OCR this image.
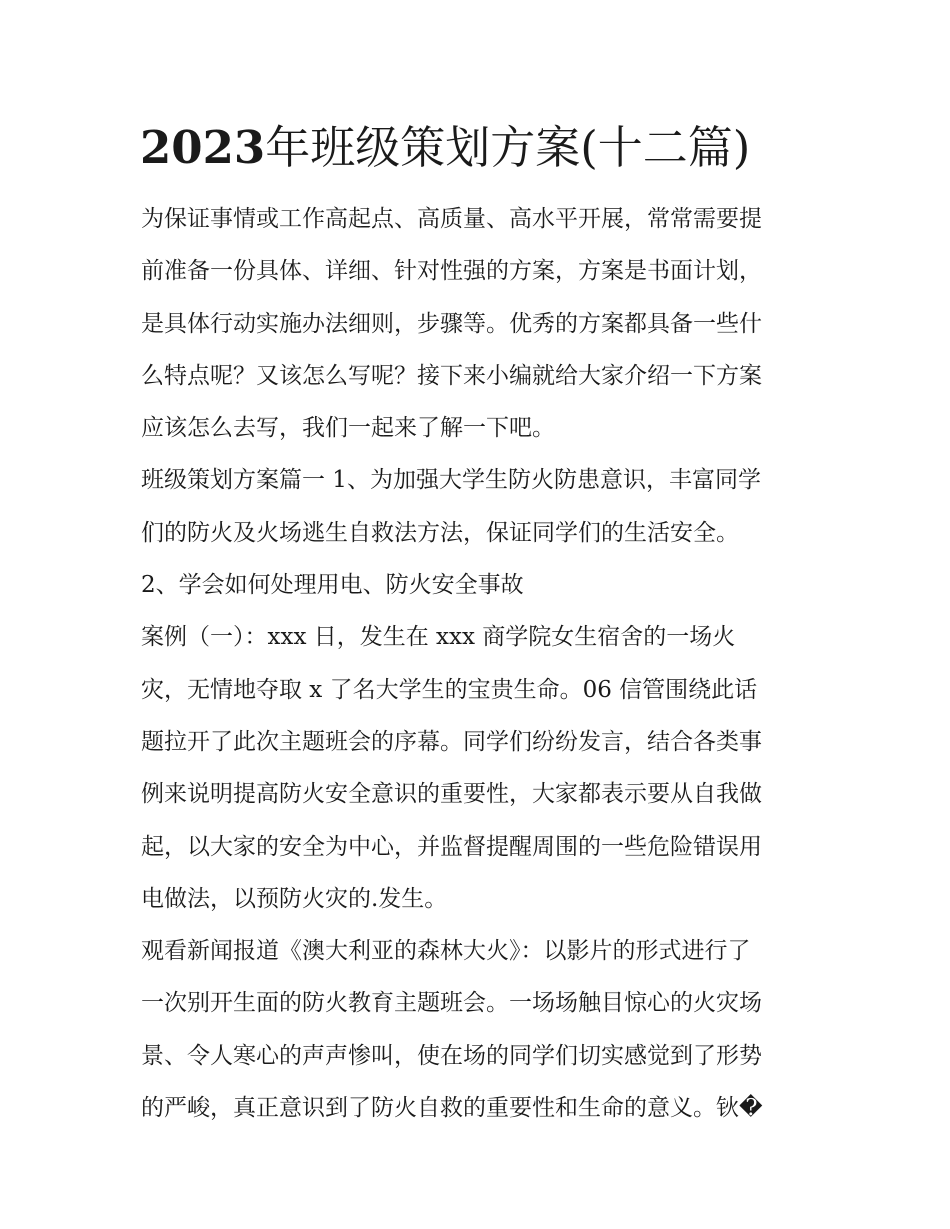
2023年班级策划方案(十二篇)

为保证事情或工作高起点、高质量、高水平开展，常常需要提

前准备一份具体、详细、针对性强的方案，方案是书面计划，

是具体行动实施办法细则，步骤等。优秀的方案都具备一些什

么特点呢？又该怎么写呢？接下来小编就给大家介绍一下方案

应该怎么去写，我们一起来了解一下吧。

班级策划方案篇一 1、为加强大学生防火防患意识，丰富同学

们的防火及火场逃生自救法方法，保证同学们的生活安全。

2、学会如何处理用电、防火安全事故

案例（一）：xxx 日，发生在 xxx 商学院女生宿舍的一场火

灾，无情地夺取 x 了名大学生的宝贵生命。06 信管围绕此话

题拉开了此次主题班会的序幕。同学们纷纷发言，结合各类事

例来说明提高防火安全意识的重要性，大家都表示要从自我做

起，以大家的安全为中心，并监督提醒周围的一些危险错误用

电做法，以预防火灾的.发生。

观看新闻报道《澳大利亚的森林大火》：以影片的形式进行了

一次别开生面的防火教育主题班会。一场场触目惊心的火灾场

景、令人寒心的声声惨叫，使在场的同学们切实感觉到了形势

的严峻，真正意识到了防火自救的重要性和生命的意义。钬�
